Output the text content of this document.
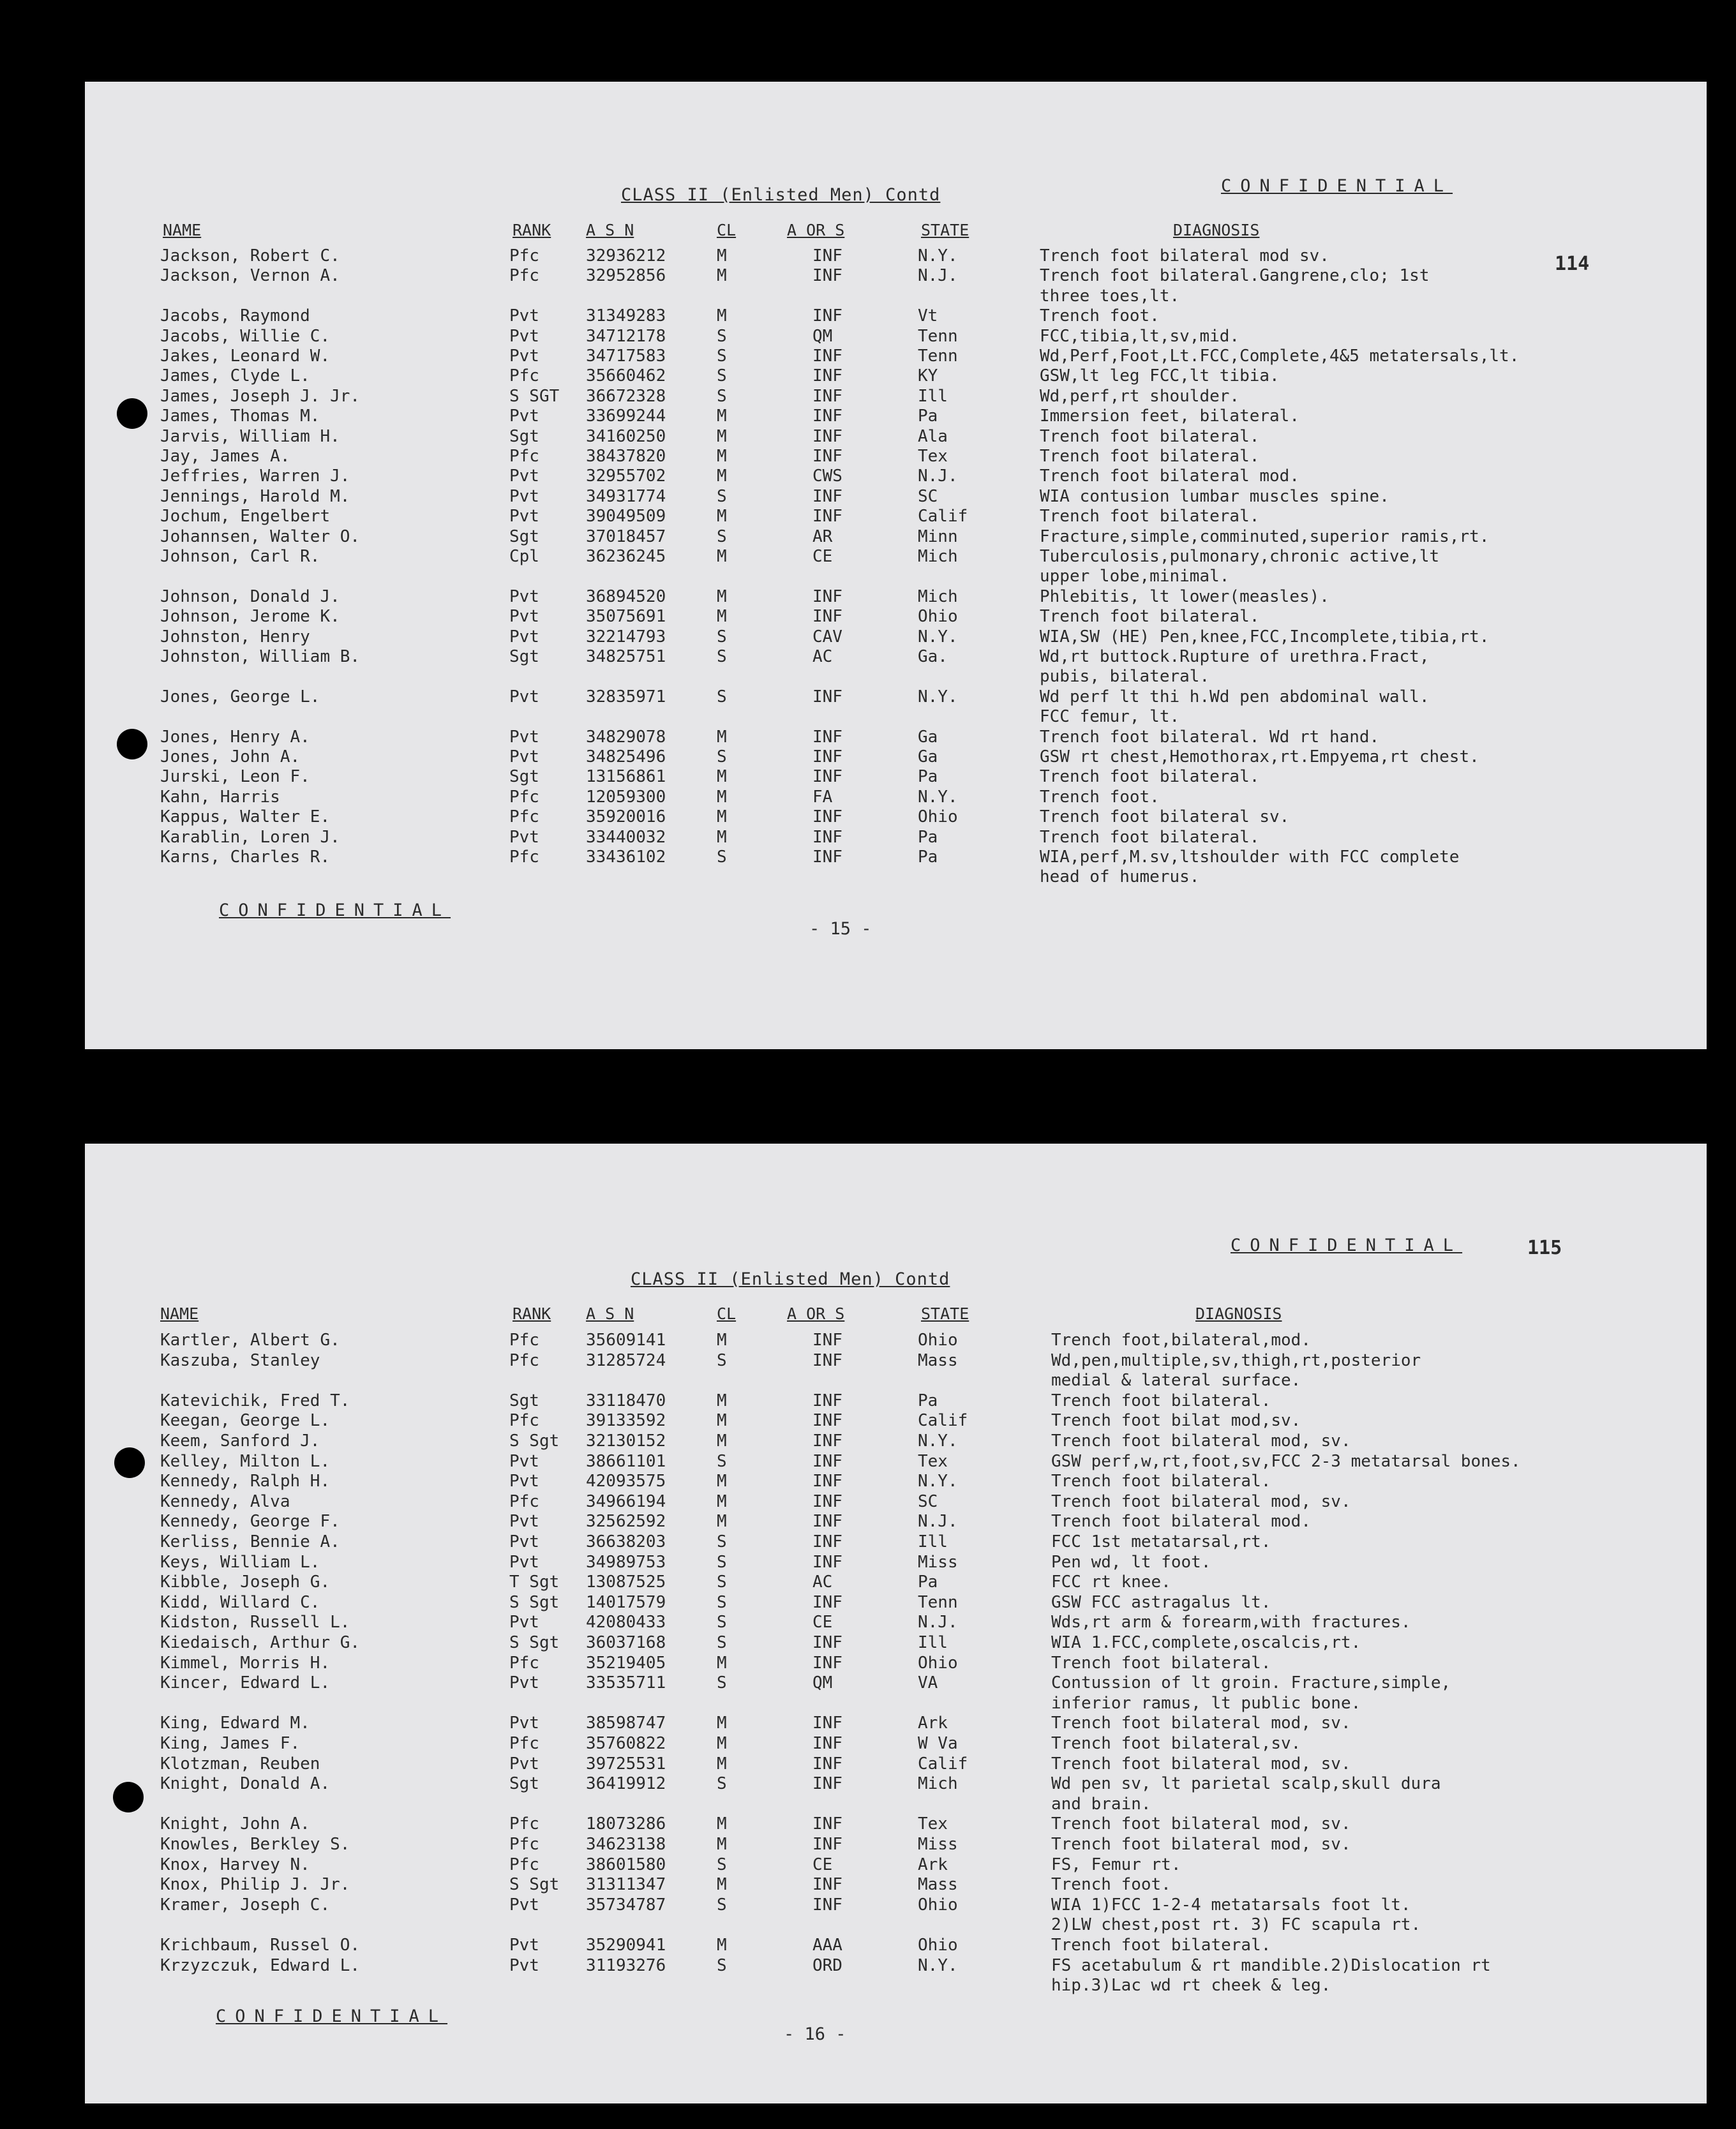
CLASS II (Enlisted Men) Contd	CONFIDENTIAL
114
NAME	RANK A S N	CL	A OR S	STATE	DIAGNOSIS
Jackson, Robert C.	Pfc	32936212	M	INF	N.Y.	Trench foot bilateral mod sv.
Jackson, Vernon A.	Pfc	32952856	M	INF	N.J.	Trench foot bilateral.Gangrene,clo; 1st
three toes,lt.
Jacobs, Raymond	Pvt	31349283	M	INF	Vt	Trench foot.
Jacobs, Willie C.	Pvt	34712178	S	QM	Tenn	FCC,tibia,lt,sv,mid.
Jakes, Leonard W.	Pvt	34717583	S	INF	Tenn	Wd,Perf,Foot,Lt.FCC,Complete,4&5 metatersals,lt.
James, Clyde L.	Pfc	35660462	S	INF	KY	GSW,lt leg FCC,lt tibia.
James, Joseph J. Jr.	S SGT 36672328	S	INF	Ill	Wd,perf,rt shoulder.
James, Thomas M.	Pvt	33699244	M	INF	Pa	Immersion feet, bilateral.
Jarvis, William H.	Sgt	34160250	M	INF	Ala	Trench foot bilateral.
Jay, James A.	Pfc	38437820	M	INF	Tex	Trench foot bilateral.
Jeffries, Warren J.	Pvt	32955702	M	CWS	N.J.	Trench foot bilateral mod.
Jennings, Harold M.	Pvt	34931774	S	INF	SC	WIA contusion lumbar muscles spine.
Jochum, Engelbert	Pvt	39049509	M	INF	Calif	Trench foot bilateral.
Johannsen, Walter O.	Sgt	37018457	S	AR	Minn	Fracture,simple,comminuted,superior ramis,rt.
Johnson, Carl R.	Cpl	36236245	M	CE	Mich	Tuberculosis,pulmonary,chronic active,lt
upper lobe,minimal.
Johnson, Donald J.	Pvt	36894520	M	INF	Mich	Phlebitis, lt lower(measles).
Johnson, Jerome K.	Pvt	35075691	M	INF	Ohio	Trench foot bilateral.
Johnston, Henry	Pvt	32214793	S	CAV	N.Y.	WIA,SW (HE) Pen,knee,FCC,Incomplete,tibia,rt.
Johnston, William B.	Sgt	34825751	S	AC	Ga.	Wd,rt buttock.Rupture of urethra.Fract,
pubis, bilateral.
Jones, George L.	Pvt	32835971	S	INF	N.Y.	Wd perf lt thi h.Wd pen abdominal wall.
FCC femur, lt.
Jones, Henry A.	Pvt	34829078	M	INF	Ga	Trench foot bilateral. Wd rt hand.
Jones, John A.	Pvt	34825496	S	INF	Ga	GSW rt chest,Hemothorax,rt.Empyema,rt chest.
Jurski, Leon F.	Sgt	13156861	M	INF	Pa	Trench foot bilateral.
Kahn, Harris	Pfc	12059300	M	FA	N.Y.	Trench foot.
Kappus, Walter E.	Pfc	35920016	M	INF	Ohio	Trench foot bilateral sv.
Karablin, Loren J.	Pvt	33440032	M	INF	Pa	Trench foot bilateral.
Karns, Charles R.	Pfc	33436102	S	INF	Pa	WIA,perf,M.sv,ltshoulder with FCC complete
head of humerus.
CONFIDENTIAL
- 15 -
CLASS II (Enlisted Men) Contd
CONFIDENTIAL	115
NAME	RANK A S N	CL	A OR S	STATE	DIAGNOSIS
Kartler, Albert G.	Pfc	35609141	M	INF	Ohio	Trench foot,bilateral,mod.
Kaszuba, Stanley	Pfc	31285724	S	INF	Mass	Wd,pen,multiple,sv,thigh,rt,posterior
medial & lateral surface.
Katevichik, Fred T.	Sgt	33118470	M	INF	Pa	Trench foot bilateral.
Keegan, George L.	Pfc	39133592	M	INF	Calif	Trench foot bilat mod,sv.
Keem, Sanford J.	S Sgt 32130152	M	INF	N.Y.	Trench foot bilateral mod, sv.
Kelley, Milton L.	Pvt	38661101	S	INF	Tex	GSW perf,w,rt,foot,sv,FCC 2-3 metatarsal bones.
Kennedy, Ralph H.	Pvt	42093575	M	INF	N.Y.	Trench foot bilateral.
Kennedy, Alva	Pfc	34966194	M	INF	SC	Trench foot bilateral mod, sv.
Kennedy, George F.	Pvt	32562592	M	INF	N.J.	Trench foot bilateral mod.
Kerliss, Bennie A.	Pvt	36638203	S	INF	Ill	FCC 1st metatarsal,rt.
Keys, William L.	Pvt	34989753	S	INF	Miss	Pen wd, lt foot.
Kibble, Joseph G.	T Sgt 13087525	S	AC	Pa	FCC rt knee.
Kidd, Willard C.	S Sgt 14017579	S	INF	Tenn	GSW FCC astragalus lt.
Kidston, Russell L.	Pvt	42080433	S	CE	N.J.	Wds,rt arm & forearm,with fractures.
Kiedaisch, Arthur G.	S Sgt 36037168	S	INF	Ill	WIA 1.FCC,complete,oscalcis,rt.
Kimmel, Morris H.	Pfc	35219405	M	INF	Ohio	Trench foot bilateral.
Kincer, Edward L.	Pvt	33535711	S	QM	VA	Contussion of lt groin. Fracture,simple,
inferior ramus, lt public bone.
King, Edward M.	Pvt	38598747	M	INF	Ark	Trench foot bilateral mod, sv.
King, James F.	Pfc	35760822	M	INF	W Va	Trench foot bilateral,sv.
Klotzman, Reuben	Pvt	39725531	M	INF	Calif	Trench foot bilateral mod, sv.
Knight, Donald A.	Sgt	36419912	S	INF	Mich	Wd pen sv, lt parietal scalp,skull dura
and brain.
Knight, John A.	Pfc	18073286	M	INF	Tex	Trench foot bilateral mod, sv.
Knowles, Berkley S.	Pfc	34623138	M	INF	Miss	Trench foot bilateral mod, sv.
Knox, Harvey N.	Pfc	38601580	S	CE	Ark	FS, Femur rt.
Knox, Philip J. Jr.	S Sgt 31311347	M	INF	Mass	Trench foot.
Kramer, Joseph C.	Pvt	35734787	S	INF	Ohio	WIA 1)FCC 1-2-4 metatarsals foot lt.
2)LW chest,post rt. 3) FC scapula rt.
Krichbaum, Russel O.	Pvt	35290941	M	AAA	Ohio	Trench foot bilateral.
Krzyzczuk, Edward L.	Pvt	31193276	S	ORD	N.Y.	FS acetabulum & rt mandible.2)Dislocation rt
hip.3)Lac wd rt cheek & leg.
CONFIDENTIAL
- 16 -
